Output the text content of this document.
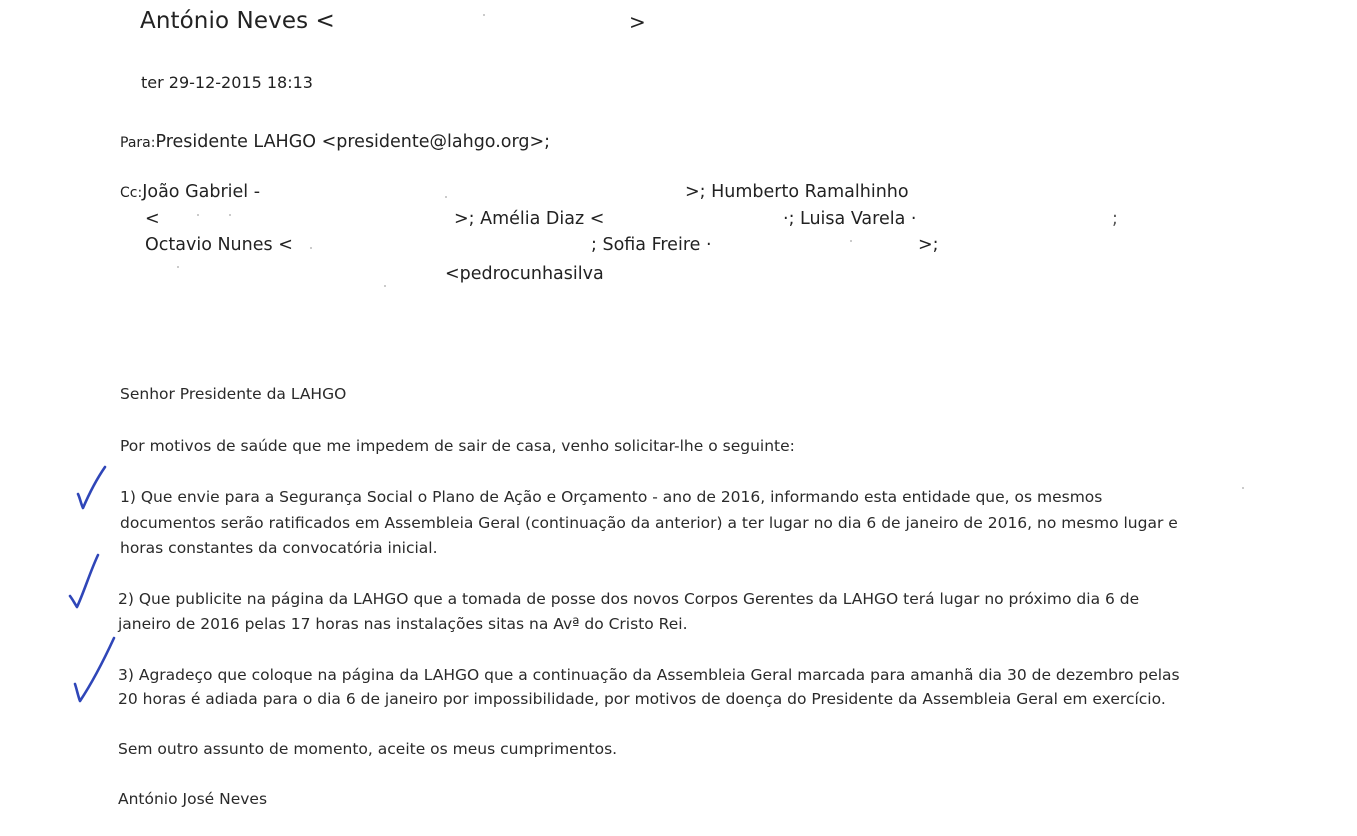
António Neves <	>
ter 29-12-2015 18:13
Para:Presidente LAHGO <presidente@lahgo.org>;
Cc:João Gabriel -	>; Humberto Ramalhinho
<	>; Amélia Diaz <	·; Luisa Varela ·	;
Octavio Nunes <	; Sofia Freire ·	>;
<pedrocunhasilva
Senhor Presidente da LAHGO
Por motivos de saúde que me impedem de sair de casa, venho solicitar-lhe o seguinte:
1) Que envie para a Segurança Social o Plano de Ação e Orçamento - ano de 2016, informando esta entidade que, os mesmos
documentos serão ratificados em Assembleia Geral (continuação da anterior) a ter lugar no dia 6 de janeiro de 2016, no mesmo lugar e
horas constantes da convocatória inicial.
2) Que publicite na página da LAHGO que a tomada de posse dos novos Corpos Gerentes da LAHGO terá lugar no próximo dia 6 de
janeiro de 2016 pelas 17 horas nas instalações sitas na Avª do Cristo Rei.
3) Agradeço que coloque na página da LAHGO que a continuação da Assembleia Geral marcada para amanhã dia 30 de dezembro pelas
20 horas é adiada para o dia 6 de janeiro por impossibilidade, por motivos de doença do Presidente da Assembleia Geral em exercício.
Sem outro assunto de momento, aceite os meus cumprimentos.
António José Neves
